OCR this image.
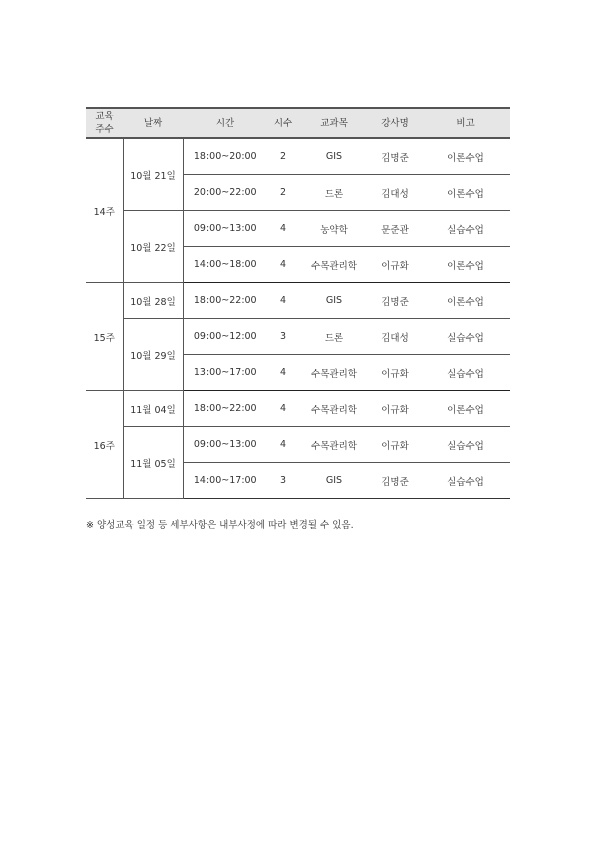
교육
주수	날짜	시간	시수	교과목	강사명	비고
14주	10월 21일	18:00~20:00	2	GIS	김명준	이론수업
		20:00~22:00	2	드론	김대성	이론수업
	10월 22일	09:00~13:00	4	농약학	문준관	실습수업
		14:00~18:00	4	수목관리학	이규화	이론수업
15주	10월 28일	18:00~22:00	4	GIS	김명준	이론수업
	10월 29일	09:00~12:00	3	드론	김대성	실습수업
		13:00~17:00	4	수목관리학	이규화	실습수업
16주	11월 04일	18:00~22:00	4	수목관리학	이규화	이론수업
	11월 05일	09:00~13:00	4	수목관리학	이규화	실습수업
		14:00~17:00	3	GIS	김명준	실습수업
※ 양성교육 일정 등 세부사항은 내부사정에 따라 변경될 수 있음.
